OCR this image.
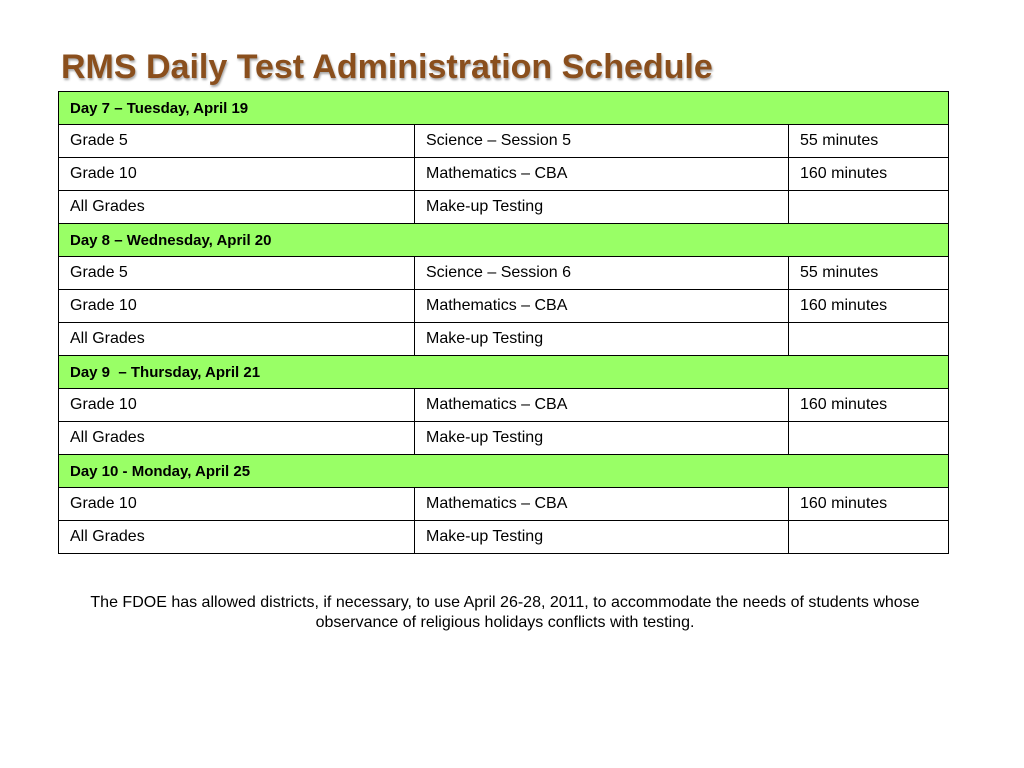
RMS Daily Test Administration Schedule
Day 7 – Tuesday, April 19		
Grade 5	Science – Session 5	55 minutes
Grade 10	Mathematics – CBA	160 minutes
All Grades	Make-up Testing	
Day 8 – Wednesday, April 20		
Grade 5	Science – Session 6	55 minutes
Grade 10	Mathematics – CBA	160 minutes
All Grades	Make-up Testing	
Day 9  – Thursday, April 21		
Grade 10	Mathematics – CBA	160 minutes
All Grades	Make-up Testing	
Day 10 - Monday, April 25		
Grade 10	Mathematics – CBA	160 minutes
All Grades	Make-up Testing	

The FDOE has allowed districts, if necessary, to use April 26-28, 2011, to accommodate the needs of students whose observance of religious holidays conflicts with testing.
